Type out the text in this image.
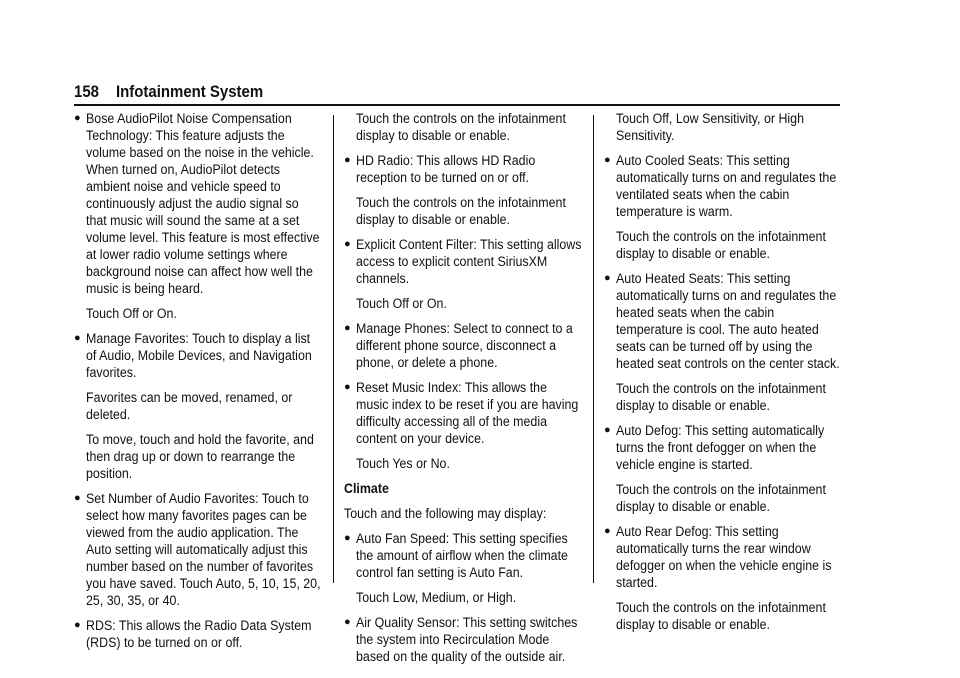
158 Infotainment System
● Bose AudioPilot Noise Compensation Technology: This feature adjusts the volume based on the noise in the vehicle. When turned on, AudioPilot detects ambient noise and vehicle speed to continuously adjust the audio signal so that music will sound the same at a set volume level. This feature is most effective at lower radio volume settings where background noise can affect how well the music is being heard.
Touch Off or On.
● Manage Favorites: Touch to display a list of Audio, Mobile Devices, and Navigation favorites.
Favorites can be moved, renamed, or deleted.
To move, touch and hold the favorite, and then drag up or down to rearrange the position.
● Set Number of Audio Favorites: Touch to select how many favorites pages can be viewed from the audio application. The Auto setting will automatically adjust this number based on the number of favorites you have saved. Touch Auto, 5, 10, 15, 20, 25, 30, 35, or 40.
● RDS: This allows the Radio Data System (RDS) to be turned on or off.
Touch the controls on the infotainment display to disable or enable.
● HD Radio: This allows HD Radio reception to be turned on or off.
Touch the controls on the infotainment display to disable or enable.
● Explicit Content Filter: This setting allows access to explicit content SiriusXM channels.
Touch Off or On.
● Manage Phones: Select to connect to a different phone source, disconnect a phone, or delete a phone.
● Reset Music Index: This allows the music index to be reset if you are having difficulty accessing all of the media content on your device.
Touch Yes or No.
Climate
Touch and the following may display:
● Auto Fan Speed: This setting specifies the amount of airflow when the climate control fan setting is Auto Fan.
Touch Low, Medium, or High.
● Air Quality Sensor: This setting switches the system into Recirculation Mode based on the quality of the outside air.
Touch Off, Low Sensitivity, or High Sensitivity.
● Auto Cooled Seats: This setting automatically turns on and regulates the ventilated seats when the cabin temperature is warm.
Touch the controls on the infotainment display to disable or enable.
● Auto Heated Seats: This setting automatically turns on and regulates the heated seats when the cabin temperature is cool. The auto heated seats can be turned off by using the heated seat controls on the center stack.
Touch the controls on the infotainment display to disable or enable.
● Auto Defog: This setting automatically turns the front defogger on when the vehicle engine is started.
Touch the controls on the infotainment display to disable or enable.
● Auto Rear Defog: This setting automatically turns the rear window defogger on when the vehicle engine is started.
Touch the controls on the infotainment display to disable or enable.
